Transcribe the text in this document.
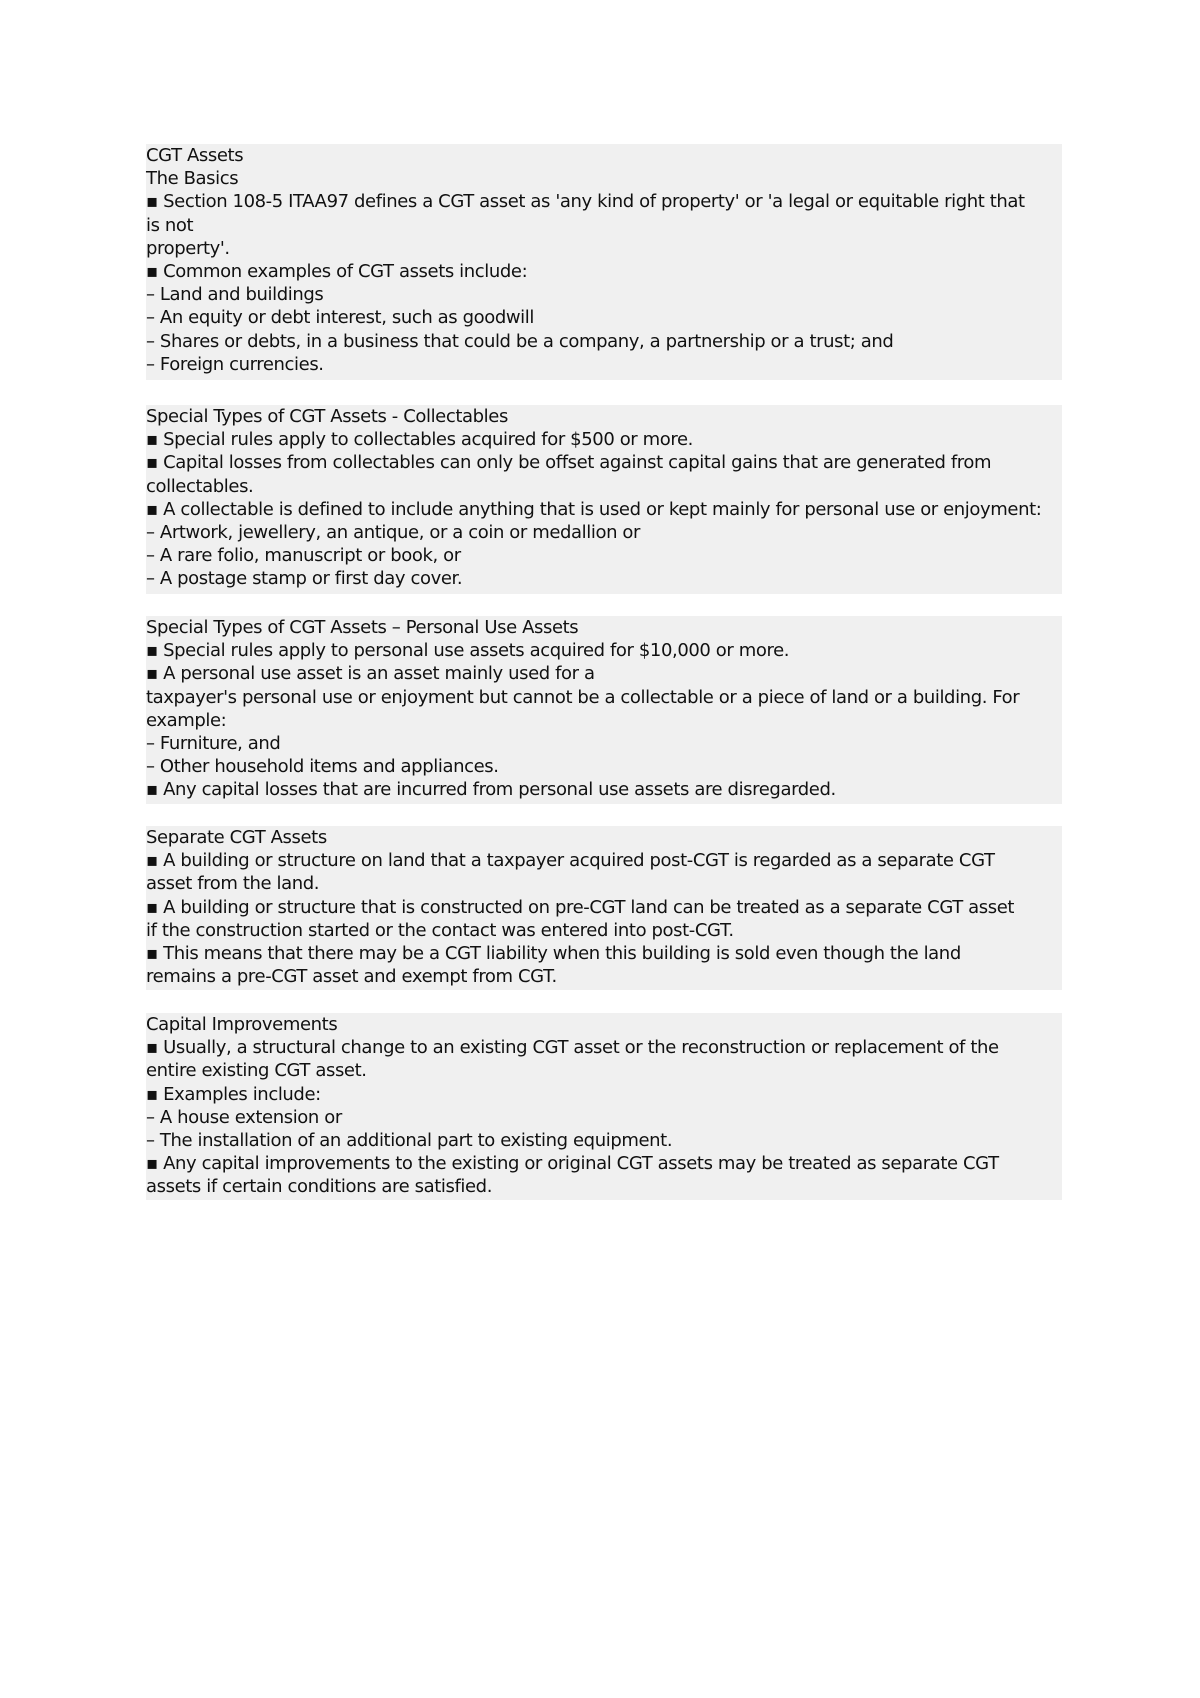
CGT Assets
The Basics
▪ Section 108-5 ITAA97 defines a CGT asset as 'any kind of property' or 'a legal or equitable right that
is not
property'.
▪ Common examples of CGT assets include:
– Land and buildings
– An equity or debt interest, such as goodwill
– Shares or debts, in a business that could be a company, a partnership or a trust; and
– Foreign currencies.
Special Types of CGT Assets - Collectables
▪ Special rules apply to collectables acquired for $500 or more.
▪ Capital losses from collectables can only be offset against capital gains that are generated from
collectables.
▪ A collectable is defined to include anything that is used or kept mainly for personal use or enjoyment:
– Artwork, jewellery, an antique, or a coin or medallion or
– A rare folio, manuscript or book, or
– A postage stamp or first day cover.
Special Types of CGT Assets – Personal Use Assets
▪ Special rules apply to personal use assets acquired for $10,000 or more.
▪ A personal use asset is an asset mainly used for a
taxpayer's personal use or enjoyment but cannot be a collectable or a piece of land or a building. For
example:
– Furniture, and
– Other household items and appliances.
▪ Any capital losses that are incurred from personal use assets are disregarded.
Separate CGT Assets
▪ A building or structure on land that a taxpayer acquired post-CGT is regarded as a separate CGT
asset from the land.
▪ A building or structure that is constructed on pre-CGT land can be treated as a separate CGT asset
if the construction started or the contact was entered into post-CGT.
▪ This means that there may be a CGT liability when this building is sold even though the land
remains a pre-CGT asset and exempt from CGT.
Capital Improvements
▪ Usually, a structural change to an existing CGT asset or the reconstruction or replacement of the
entire existing CGT asset.
▪ Examples include:
– A house extension or
– The installation of an additional part to existing equipment.
▪ Any capital improvements to the existing or original CGT assets may be treated as separate CGT
assets if certain conditions are satisfied.
